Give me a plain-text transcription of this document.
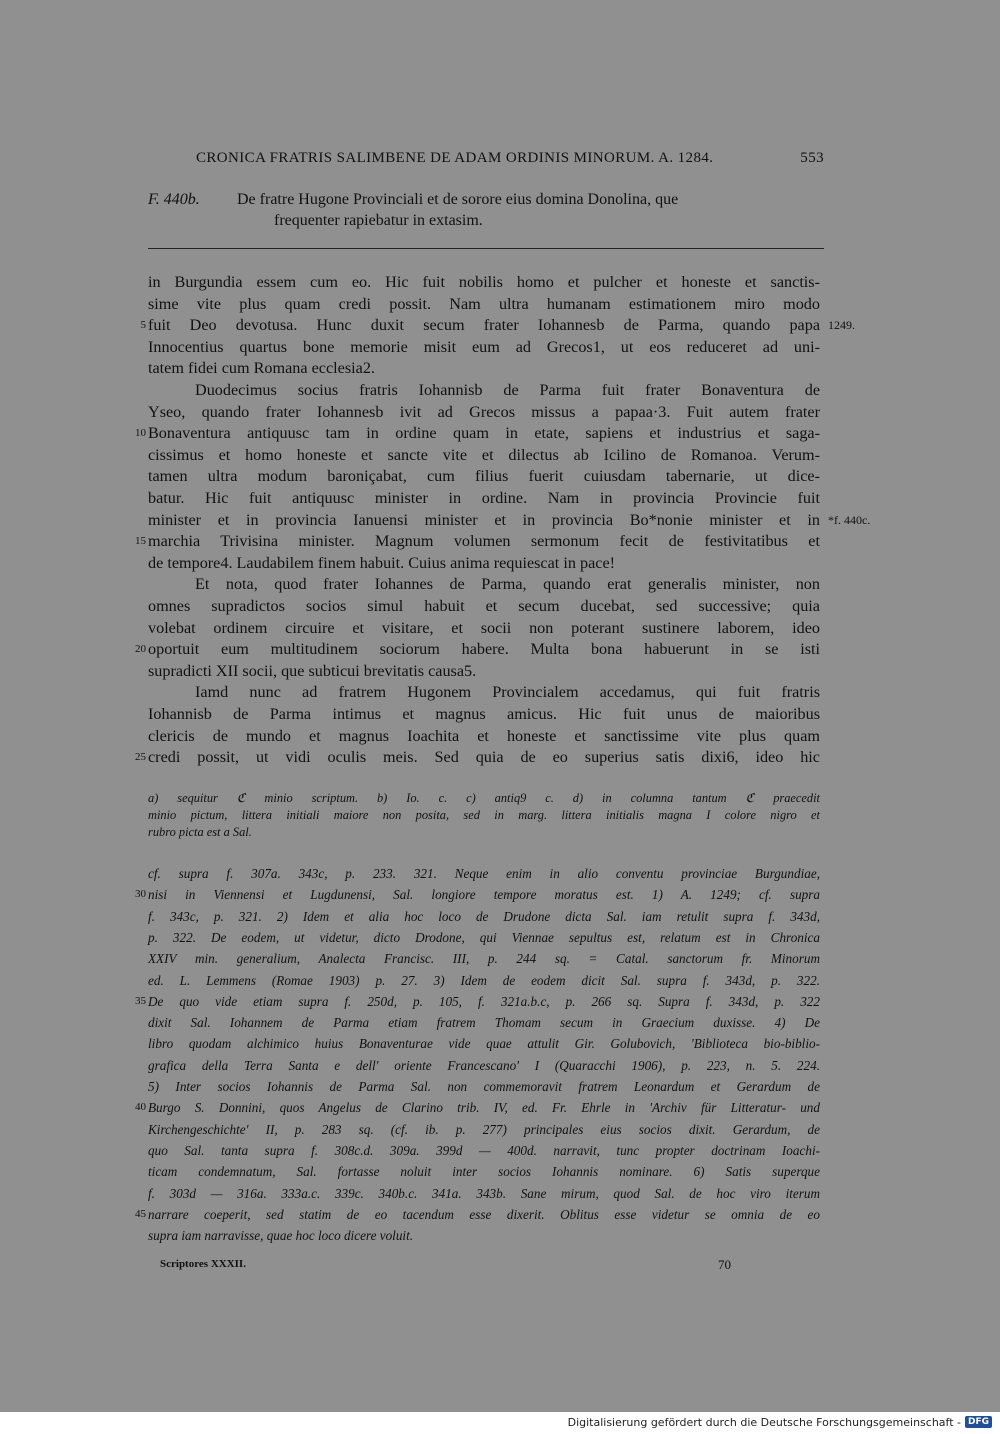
CRONICA FRATRIS SALIMBENE DE ADAM ORDINIS MINORUM. A. 1284.	553
F. 440b. De fratre Hugone Provinciali et de sorore eius domina Donolina, que
frequenter rapiebatur in extasim.
in Burgundia essem cum eo. Hic fuit nobilis homo et pulcher et honeste et sanctis-
sime vite plus quam credi possit. Nam ultra humanam estimationem miro modo
fuit Deo devotusa. Hunc duxit secum frater Iohannesb de Parma, quando papa
5	1249.
Innocentius quartus bone memorie misit eum ad Grecos1, ut eos reduceret ad uni-
tatem fidei cum Romana ecclesia2.
Duodecimus socius fratris Iohannisb de Parma fuit frater Bonaventura de
Yseo, quando frater Iohannesb ivit ad Grecos missus a papaa·3. Fuit autem frater
Bonaventura antiquusc tam in ordine quam in etate, sapiens et industrius et saga-
10
cissimus et homo honeste et sancte vite et dilectus ab Icilino de Romanoa. Verum-
tamen ultra modum baroniçabat, cum filius fuerit cuiusdam tabernarie, ut dice-
batur. Hic fuit antiquusc minister in ordine. Nam in provincia Provincie fuit
minister et in provincia Ianuensi minister et in provincia Bo*nonie minister et in *f. 440c.
marchia Trivisina minister. Magnum volumen sermonum fecit de festivitatibus et
15
de tempore4. Laudabilem finem habuit. Cuius anima requiescat in pace!
Et nota, quod frater Iohannes de Parma, quando erat generalis minister, non
omnes supradictos socios simul habuit et secum ducebat, sed successive; quia
volebat ordinem circuire et visitare, et socii non poterant sustinere laborem, ideo
oportuit eum multitudinem sociorum habere. Multa bona habuerunt in se isti
20
supradicti XII socii, que subticui brevitatis causa5.
Iamd nunc ad fratrem Hugonem Provincialem accedamus, qui fuit fratris
Iohannisb de Parma intimus et magnus amicus. Hic fuit unus de maioribus
clericis de mundo et magnus Ioachita et honeste et sanctissime vite plus quam
credi possit, ut vidi oculis meis. Sed quia de eo superius satis dixi6, ideo hic
25
a) sequitur ℭ minio scriptum. b) Io. c. c) antiq9 c. d) in columna tantum ℭ praecedit
minio pictum, littera initiali maiore non posita, sed in marg. littera initialis magna I colore nigro et
rubro picta est a Sal.
cf. supra f. 307a. 343c, p. 233. 321. Neque enim in alio conventu provinciae Burgundiae,
nisi in Viennensi et Lugdunensi, Sal. longiore tempore moratus est. 1) A. 1249; cf. supra
30
f. 343c, p. 321. 2) Idem et alia hoc loco de Drudone dicta Sal. iam retulit supra f. 343d,
p. 322. De eodem, ut videtur, dicto Drodone, qui Viennae sepultus est, relatum est in Chronica
XXIV min. generalium, Analecta Francisc. III, p. 244 sq. = Catal. sanctorum fr. Minorum
ed. L. Lemmens (Romae 1903) p. 27. 3) Idem de eodem dicit Sal. supra f. 343d, p. 322.
De quo vide etiam supra f. 250d, p. 105, f. 321a.b.c, p. 266 sq. Supra f. 343d, p. 322
35
dixit Sal. Iohannem de Parma etiam fratrem Thomam secum in Graecium duxisse. 4) De
libro quodam alchimico huius Bonaventurae vide quae attulit Gir. Golubovich, 'Biblioteca bio-biblio-
grafica della Terra Santa e dell' oriente Francescano' I (Quaracchi 1906), p. 223, n. 5. 224.
5) Inter socios Iohannis de Parma Sal. non commemoravit fratrem Leonardum et Gerardum de
Burgo S. Donnini, quos Angelus de Clarino trib. IV, ed. Fr. Ehrle in 'Archiv für Litteratur- und
40
Kirchengeschichte' II, p. 283 sq. (cf. ib. p. 277) principales eius socios dixit. Gerardum, de
quo Sal. tanta supra f. 308c.d. 309a. 399d — 400d. narravit, tunc propter doctrinam Ioachi-
ticam condemnatum, Sal. fortasse noluit inter socios Iohannis nominare. 6) Satis superque
f. 303d — 316a. 333a.c. 339c. 340b.c. 341a. 343b. Sane mirum, quod Sal. de hoc viro iterum
narrare coeperit, sed statim de eo tacendum esse dixerit. Oblitus esse videtur se omnia de eo
45
supra iam narravisse, quae hoc loco dicere voluit.
Scriptores XXXII.	70
Digitalisierung gefördert durch die Deutsche Forschungsgemeinschaft - DFG
